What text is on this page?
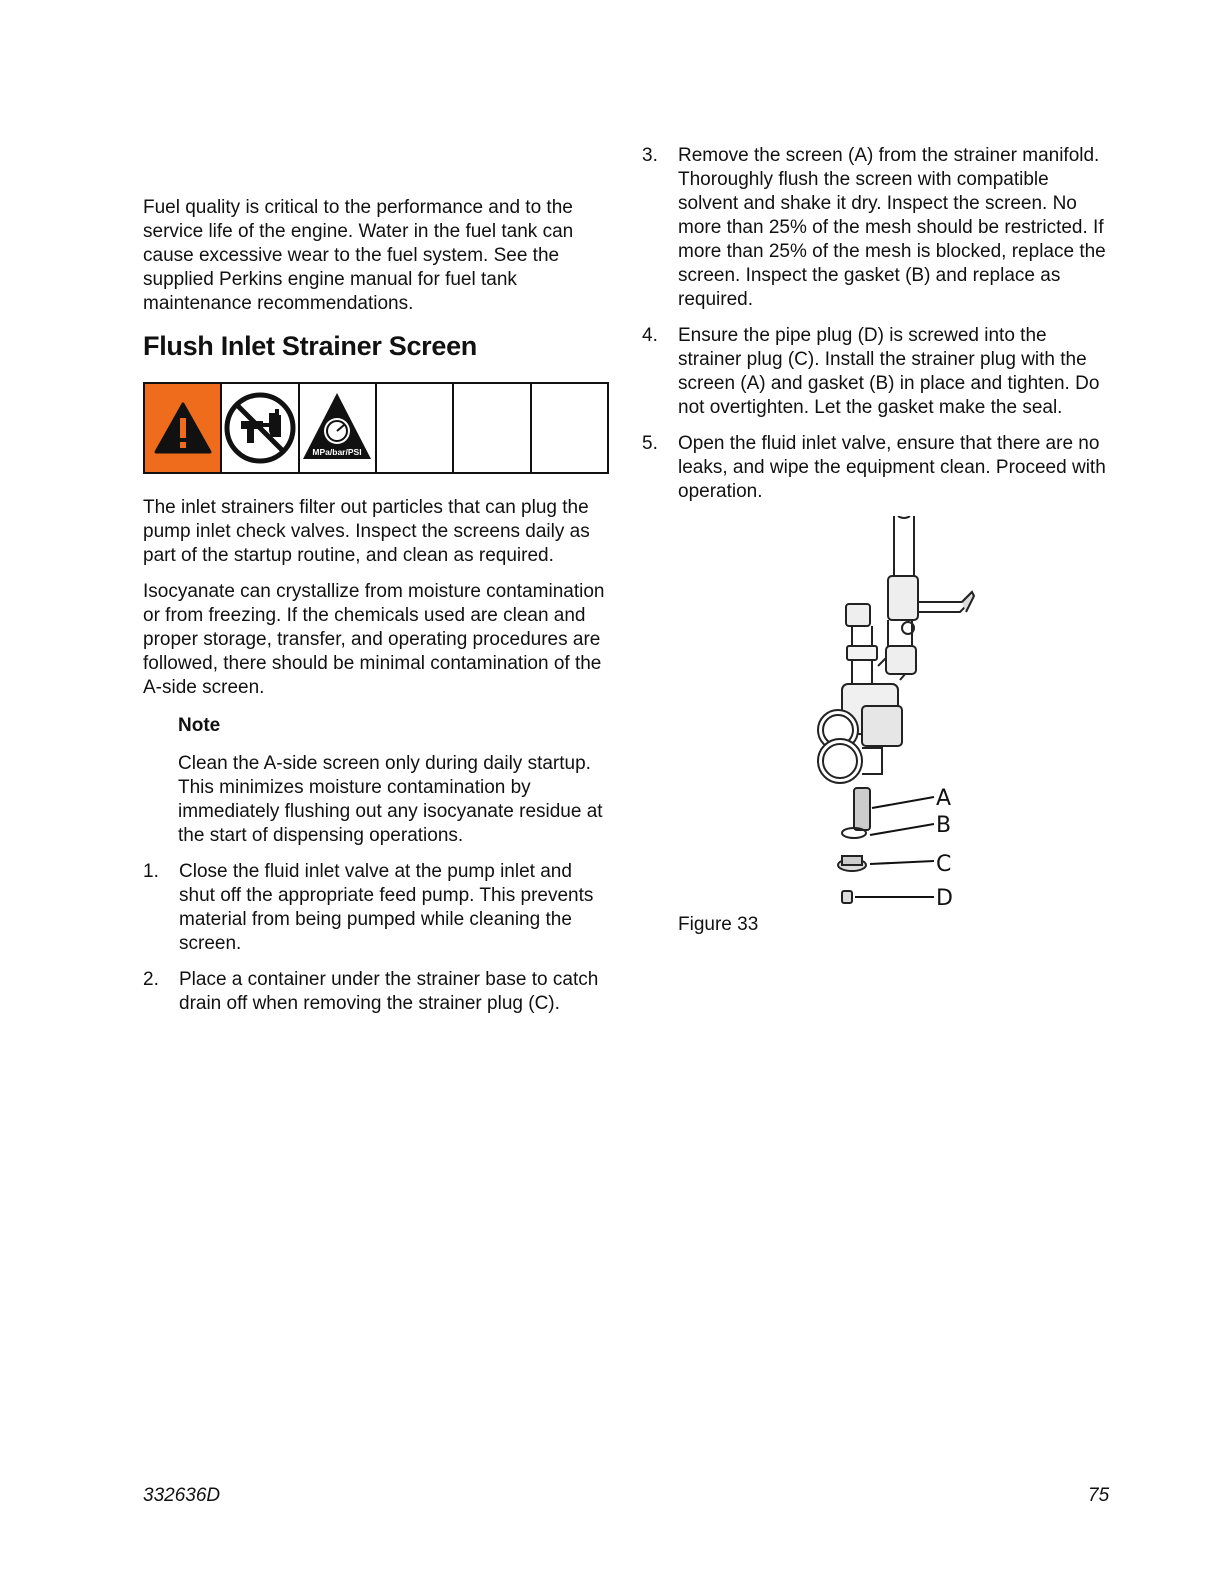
Fuel quality is critical to the performance and to the service life of the engine. Water in the fuel tank can cause excessive wear to the fuel system. See the supplied Perkins engine manual for fuel tank maintenance recommendations.

Flush Inlet Strainer Screen
MPa/bar/PSI

The inlet strainers filter out particles that can plug the pump inlet check valves. Inspect the screens daily as part of the startup routine, and clean as required.

Isocyanate can crystallize from moisture contamination or from freezing. If the chemicals used are clean and proper storage, transfer, and operating procedures are followed, there should be minimal contamination of the A-side screen.

Note

Clean the A-side screen only during daily startup. This minimizes moisture contamination by immediately flushing out any isocyanate residue at the start of dispensing operations.

1.	Close the fluid inlet valve at the pump inlet and shut off the appropriate feed pump. This prevents material from being pumped while cleaning the screen.
2.	Place a container under the strainer base to catch drain off when removing the strainer plug (C).
3.	Remove the screen (A) from the strainer manifold. Thoroughly flush the screen with compatible solvent and shake it dry. Inspect the screen. No more than 25% of the mesh should be restricted. If more than 25% of the mesh is blocked, replace the screen. Inspect the gasket (B) and replace as required.
4.	Ensure the pipe plug (D) is screwed into the strainer plug (C). Install the strainer plug with the screen (A) and gasket (B) in place and tighten. Do not overtighten. Let the gasket make the seal.
5.	Open the fluid inlet valve, ensure that there are no leaks, and wipe the equipment clean. Proceed with operation.
A
B
C
D
Figure 33
332636D	75
